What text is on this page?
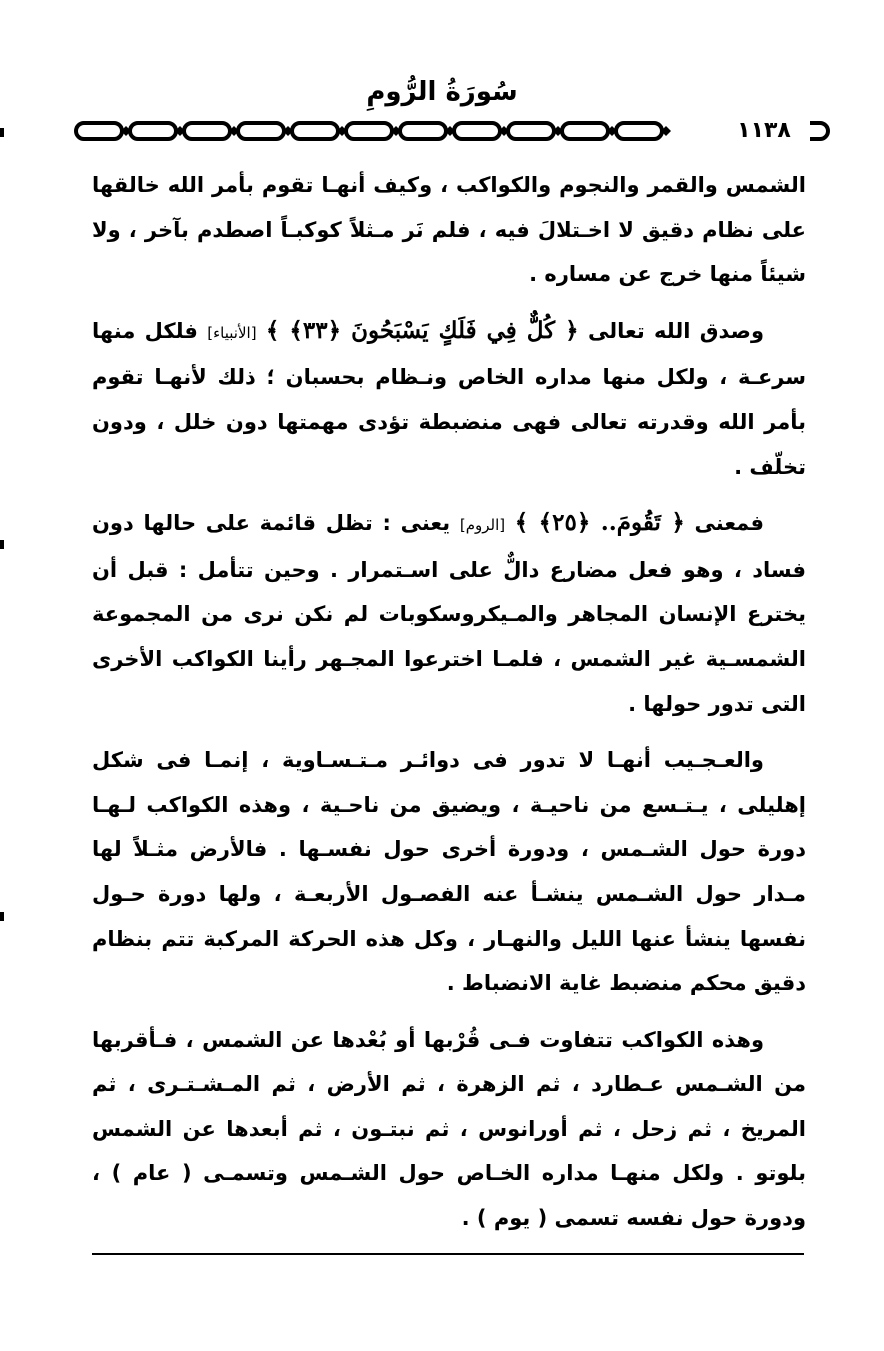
سُورَةُ الرُّومِ
١١٣٨

الشمس والقمر والنجوم والكواكب ، وكيف أنهـا تقوم بأمر الله خالقها على نظام دقيق لا اخـتلالَ فيه ، فلم نَر مـثلاً كوكبـاً اصطدم بآخر ، ولا شيئاً منها خرج عن مساره .

وصدق الله تعالى ﴿ كُلٌّ فِي فَلَكٍ يَسْبَحُونَ ﴿٣٣﴾ ﴾ [الأنبياء] فلكل منها سرعـة ، ولكل منها مداره الخاص ونـظام بحسبان ؛ ذلك لأنهـا تقوم بأمر الله وقدرته تعالى فهى منضبطة تؤدى مهمتها دون خلل ، ودون تخلّف .

فمعنى ﴿ تَقُومَ.. ﴿٢٥﴾ ﴾ [الروم] يعنى : تظل قائمة على حالها دون فساد ، وهو فعل مضارع دالٌّ على اسـتمرار . وحين تتأمل : قبل أن يخترع الإنسان المجاهر والمـيكروسكوبات لم نكن نرى من المجموعة الشمسـية غير الشمس ، فلمـا اخترعوا المجـهر رأينا الكواكب الأخرى التى تدور حولها .

والعـجـيب أنهـا لا تدور فى دوائـر مـتـسـاوية ، إنمـا فى شكل إهليلى ، يـتـسع من ناحيـة ، ويضيق من ناحـية ، وهذه الكواكب لـهـا دورة حول الشـمس ، ودورة أخرى حول نفسـها . فالأرض مثـلاً لها مـدار حول الشـمس ينشـأ عنه الفصـول الأربعـة ، ولها دورة حـول نفسها ينشأ عنها الليل والنهـار ، وكل هذه الحركة المركبة تتم بنظام دقيق محكم منضبط غاية الانضباط .

وهذه الكواكب تتفاوت فـى قُرْبها أو بُعْدها عن الشمس ، فـأقربها من الشـمس عـطارد ، ثم الزهرة ، ثم الأرض ، ثم المـشـتـرى ، ثم المريخ ، ثم زحل ، ثم أورانوس ، ثم نبتـون ، ثم أبعدها عن الشمس بلوتو . ولكل منهـا مداره الخـاص حول الشـمس وتسمـى ( عام ) ، ودورة حول نفسه تسمى ( يوم ) .
